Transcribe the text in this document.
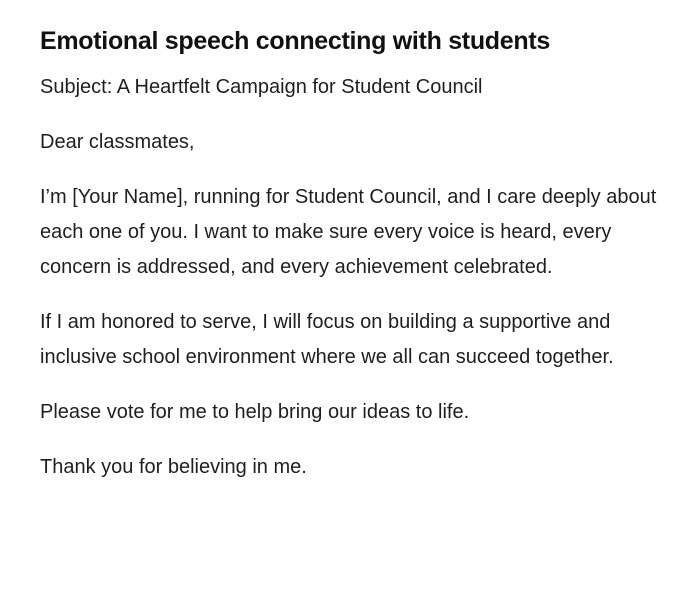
Emotional speech connecting with students

Subject: A Heartfelt Campaign for Student Council

Dear classmates,

I’m [Your Name], running for Student Council, and I care deeply about each one of you. I want to make sure every voice is heard, every concern is addressed, and every achievement celebrated.

If I am honored to serve, I will focus on building a supportive and inclusive school environment where we all can succeed together.

Please vote for me to help bring our ideas to life.

Thank you for believing in me.
